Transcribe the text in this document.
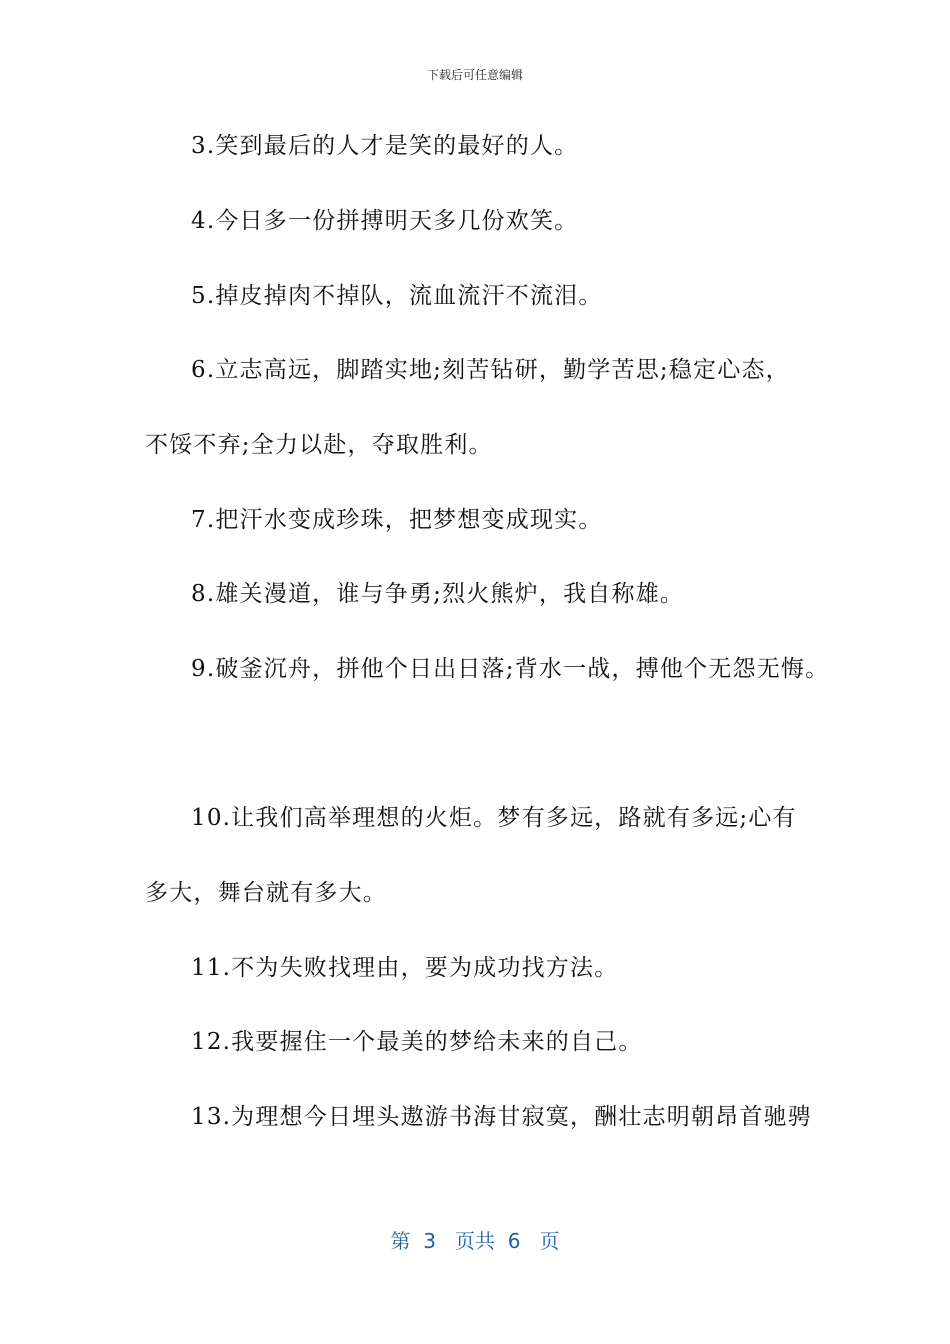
下载后可任意编辑
3.笑到最后的人才是笑的最好的人。
4.今日多一份拼搏明天多几份欢笑。
5.掉皮掉肉不掉队，流血流汗不流泪。
6.立志高远，脚踏实地;刻苦钻研，勤学苦思;稳定心态，
不馁不弃;全力以赴，夺取胜利。
7.把汗水变成珍珠，把梦想变成现实。
8.雄关漫道，谁与争勇;烈火熊炉，我自称雄。
9.破釜沉舟，拼他个日出日落;背水一战，搏他个无怨无悔。
10.让我们高举理想的火炬。梦有多远，路就有多远;心有
多大，舞台就有多大。
11.不为失败找理由，要为成功找方法。
12.我要握住一个最美的梦给未来的自己。
13.为理想今日埋头遨游书海甘寂寞，酬壮志明朝昂首驰骋
第  3   页共  6   页
